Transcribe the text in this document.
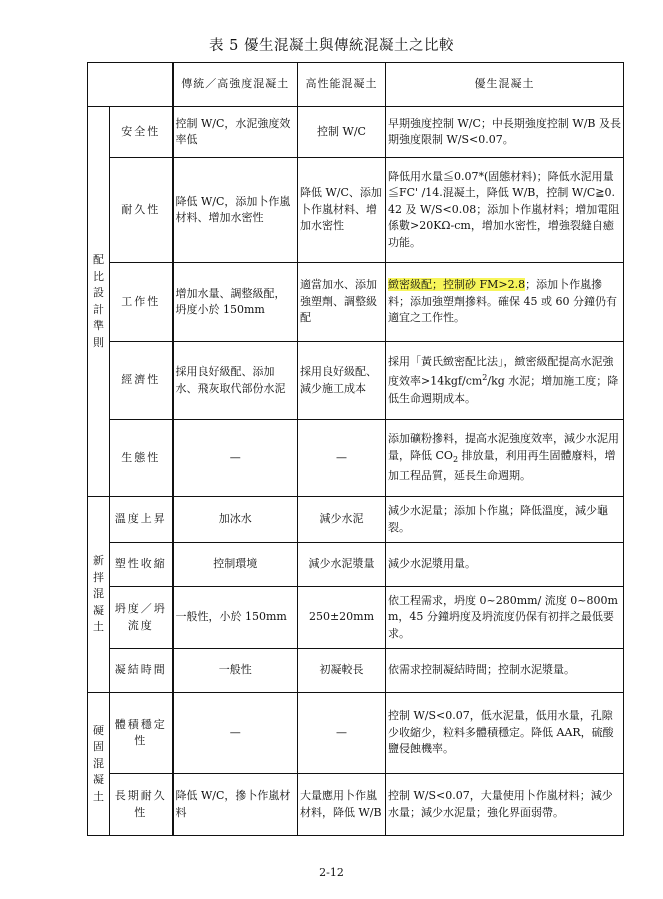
表 5 優生混凝土與傳統混凝土之比較
		傳統／高強度混凝土	高性能混凝土	優生混凝土
配比設計準則	安全性	控制 W/C，水泥強度效率低	控制 W/C	早期強度控制 W/C；中長期強度控制 W/B 及長期強度限制 W/S<0.07。
	耐久性	降低 W/C，添加卜作嵐材料、增加水密性	降低 W/C、添加卜作嵐材料、增加水密性	降低用水量≦0.07*(固態材料)；降低水泥用量≦FC' /14.混凝土，降低 W/B，控制 W/C≧0.42 及 W/S<0.08；添加卜作嵐材料；增加電阻係數>20KΩ-cm，增加水密性，增強裂縫自癒功能。
	工作性	增加水量、調整級配，坍度小於 150mm	適當加水、添加強塑劑、調整級配	緻密級配；控制砂 FM>2.8；添加卜作嵐摻料；添加強塑劑摻料。確保 45 或 60 分鐘仍有適宜之工作性。
	經濟性	採用良好級配、添加水、飛灰取代部份水泥	採用良好級配、減少施工成本	採用「黃氏緻密配比法」，緻密級配提高水泥強度效率$>14kgf/cm^2/kg$ 水泥；增加施工度；降低生命週期成本。
	生態性	—	—	添加礦粉摻料，提高水泥強度效率，減少水泥用量，降低 $CO_2$ 排放量，利用再生固體廢料，增加工程品質，延長生命週期。
新拌混凝土	溫度上昇	加冰水	減少水泥	減少水泥量；添加卜作嵐；降低溫度，減少龜裂。
	塑性收縮	控制環境	減少水泥漿量	減少水泥漿用量。
	坍度／坍流度	一般性，小於 150mm	250±20mm	依工程需求，坍度 0~280mm/ 流度 0~800mm，45 分鐘坍度及坍流度仍保有初拌之最低要求。
	凝結時間	一般性	初凝較長	依需求控制凝結時間；控制水泥漿量。
硬固混凝土	體積穩定性	—	—	控制 W/S<0.07，低水泥量，低用水量，孔隙少收縮少，粒料多體積穩定。降低 AAR，硫酸鹽侵蝕機率。
	長期耐久性	降低 W/C，摻卜作嵐材料	大量應用卜作嵐材料，降低 W/B	控制 W/S<0.07，大量使用卜作嵐材料；減少水量；減少水泥量；強化界面弱帶。
2-12
